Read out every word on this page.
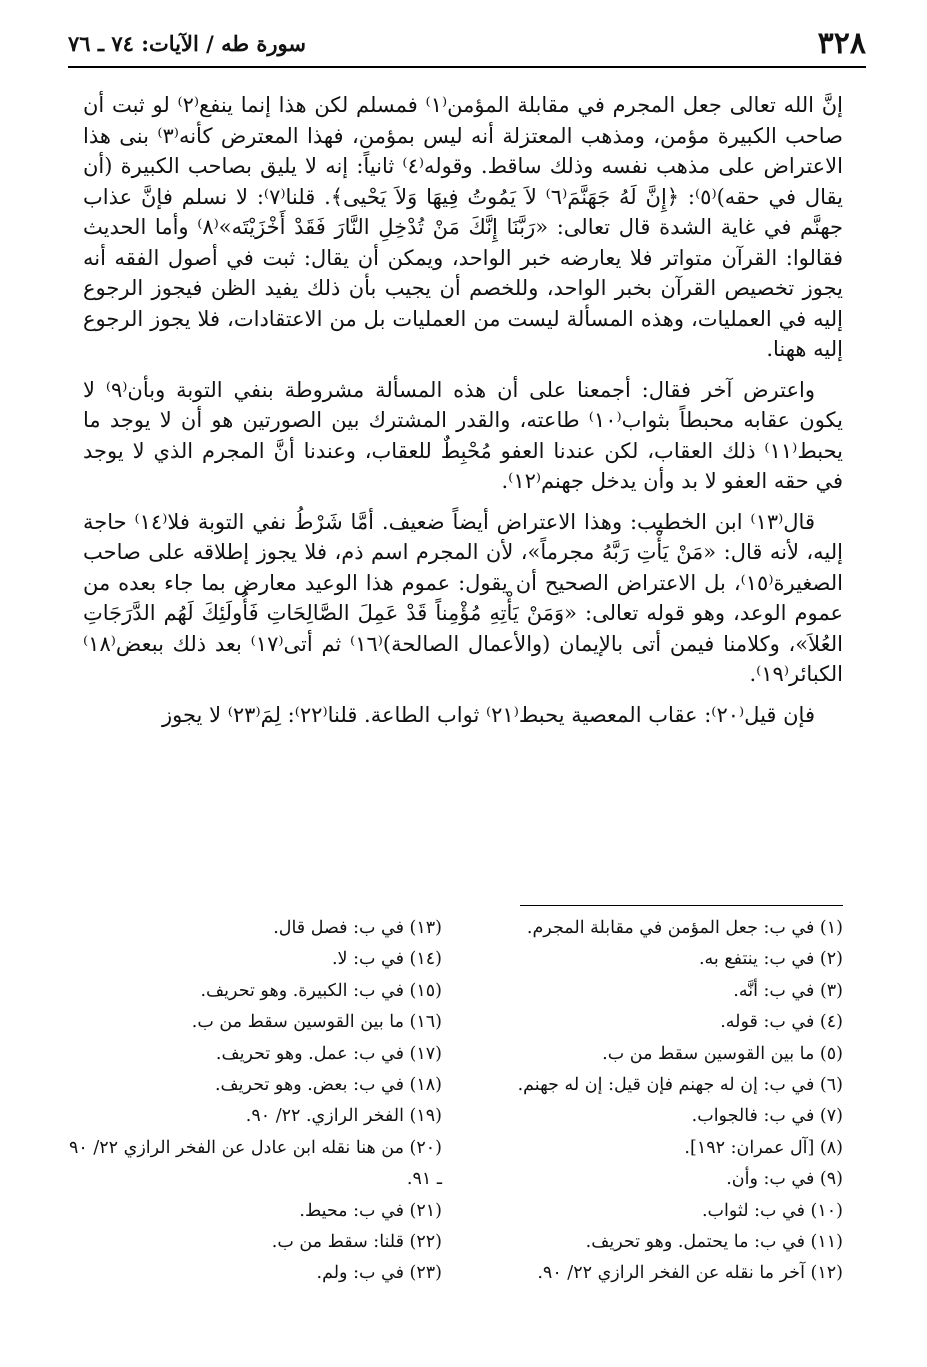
٣٢٨
سورة طه / الآيات: ٧٤ ـ ٧٦

إنَّ الله تعالى جعل المجرم في مقابلة المؤمن⁽١⁾ فمسلم لكن هذا إنما ينفع⁽٢⁾ لو ثبت أن صاحب الكبيرة مؤمن، ومذهب المعتزلة أنه ليس بمؤمن، فهذا المعترض كأنه⁽٣⁾ بنى هذا الاعتراض على مذهب نفسه وذلك ساقط. وقوله⁽٤⁾ ثانياً: إنه لا يليق بصاحب الكبيرة (أن يقال في حقه)⁽٥⁾: ﴿إِنَّ لَهُ جَهَنَّمَ⁽٦⁾ لاَ يَمُوتُ فِيهَا وَلاَ يَحْيى﴾. قلنا⁽٧⁾: لا نسلم فإنَّ عذاب جهنَّم في غاية الشدة قال تعالى: «رَبَّنَا إِنَّكَ مَنْ تُدْخِلِ النَّارَ فَقَدْ أَخْزَيْتَه»⁽٨⁾ وأما الحديث فقالوا: القرآن متواتر فلا يعارضه خبر الواحد، ويمكن أن يقال: ثبت في أصول الفقه أنه يجوز تخصيص القرآن بخبر الواحد، وللخصم أن يجيب بأن ذلك يفيد الظن فيجوز الرجوع إليه في العمليات، وهذه المسألة ليست من العمليات بل من الاعتقادات، فلا يجوز الرجوع إليه ههنا.

واعترض آخر فقال: أجمعنا على أن هذه المسألة مشروطة بنفي التوبة وبأن⁽٩⁾ لا يكون عقابه محبطاً بثواب⁽١٠⁾ طاعته، والقدر المشترك بين الصورتين هو أن لا يوجد ما يحبط⁽١١⁾ ذلك العقاب، لكن عندنا العفو مُحْبِطٌ للعقاب، وعندنا أنَّ المجرم الذي لا يوجد في حقه العفو لا بد وأن يدخل جهنم⁽١٢⁾.

قال⁽١٣⁾ ابن الخطيب: وهذا الاعتراض أيضاً ضعيف. أمَّا شَرْطُ نفي التوبة فلا⁽١٤⁾ حاجة إليه، لأنه قال: «مَنْ يَأْتِ رَبَّهُ مجرماً»، لأن المجرم اسم ذم، فلا يجوز إطلاقه على صاحب الصغيرة⁽١٥⁾، بل الاعتراض الصحيح أن يقول: عموم هذا الوعيد معارض بما جاء بعده من عموم الوعد، وهو قوله تعالى: «وَمَنْ يَأْتِهِ مُؤْمِناً قَدْ عَمِلَ الصَّالِحَاتِ فَأُولَئِكَ لَهُم الدَّرَجَاتِ العُلاَ»، وكلامنا فيمن أتى بالإيمان (والأعمال الصالحة)⁽١٦⁾ ثم أتى⁽١٧⁾ بعد ذلك ببعض⁽١٨⁾ الكبائر⁽١٩⁾.

فإن قيل⁽٢٠⁾: عقاب المعصية يحبط⁽٢١⁾ ثواب الطاعة. قلنا⁽٢٢⁾: لِمَ⁽٢٣⁾ لا يجوز

(١) في ب: جعل المؤمن في مقابلة المجرم.

(٢) في ب: ينتفع به.

(٣) في ب: أنَّه.

(٤) في ب: قوله.

(٥) ما بين القوسين سقط من ب.

(٦) في ب: إن له جهنم فإن قيل: إن له جهنم.

(٧) في ب: فالجواب.

(٨) [آل عمران: ١٩٢].

(٩) في ب: وأن.

(١٠) في ب: لثواب.

(١١) في ب: ما يحتمل. وهو تحريف.

(١٢) آخر ما نقله عن الفخر الرازي ٢٢/ ٩٠.

(١٣) في ب: فصل قال.

(١٤) في ب: لا.

(١٥) في ب: الكبيرة. وهو تحريف.

(١٦) ما بين القوسين سقط من ب.

(١٧) في ب: عمل. وهو تحريف.

(١٨) في ب: بعض. وهو تحريف.

(١٩) الفخر الرازي. ٢٢/ ٩٠.

(٢٠) من هنا نقله ابن عادل عن الفخر الرازي ٢٢/ ٩٠ ـ ٩١.

(٢١) في ب: محيط.

(٢٢) قلنا: سقط من ب.

(٢٣) في ب: ولم.
